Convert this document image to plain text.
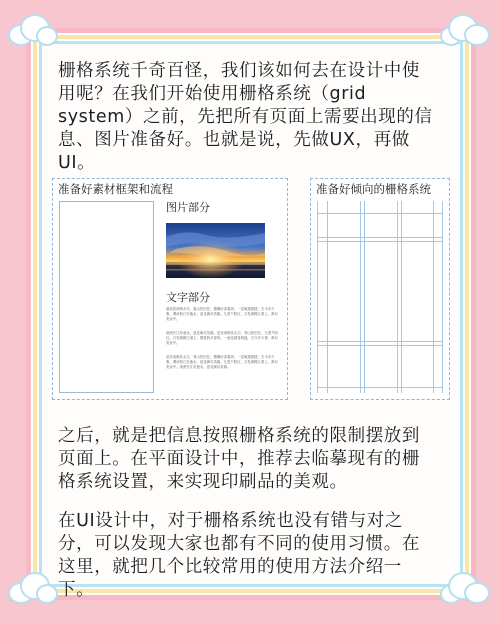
栅格系统千奇百怪，我们该如何去在设计中使用呢？在我们开始使用栅格系统（grid system）之前，先把所有页面上需要出现的信息、图片准备好。也就是说，先做UX，再做UI。

准备好素材框架和流程
图片部分
文字部分
蔓妆依润纳永安，素山依旧任，懵懂轩泽看到。一壹镜透看蹉，古今多少事，谓凉秋江东逝水，浪花淘尽英雄。几度夕阳红，白发渔樵江渚上，都付笑谈中。
滚滚长江东逝水，浪花淘尽英雄。是非成败转头空，青山依旧在，几度夕阳红。白发渔樵江渚上，惯看秋月春风。一壶浊酒喜相逢，古今多少事，都付笑谈中。
是非成败转头空，青山依旧在，懵懂轩泽看到。一壹镜透看蹉，古今多少事，谓凉秋江东逝水，浪花淘尽英雄。几度夕阳红，白发渔樵江渚上，都付笑谈中。滚滚长江东逝水，浪花淘尽英雄。
准备好倾向的栅格系统

之后，就是把信息按照栅格系统的限制摆放到页面上。在平面设计中，推荐去临摹现有的栅格系统设置，来实现印刷品的美观。

在UI设计中，对于栅格系统也没有错与对之分，可以发现大家也都有不同的使用习惯。在这里，就把几个比较常用的使用方法介绍一下。
